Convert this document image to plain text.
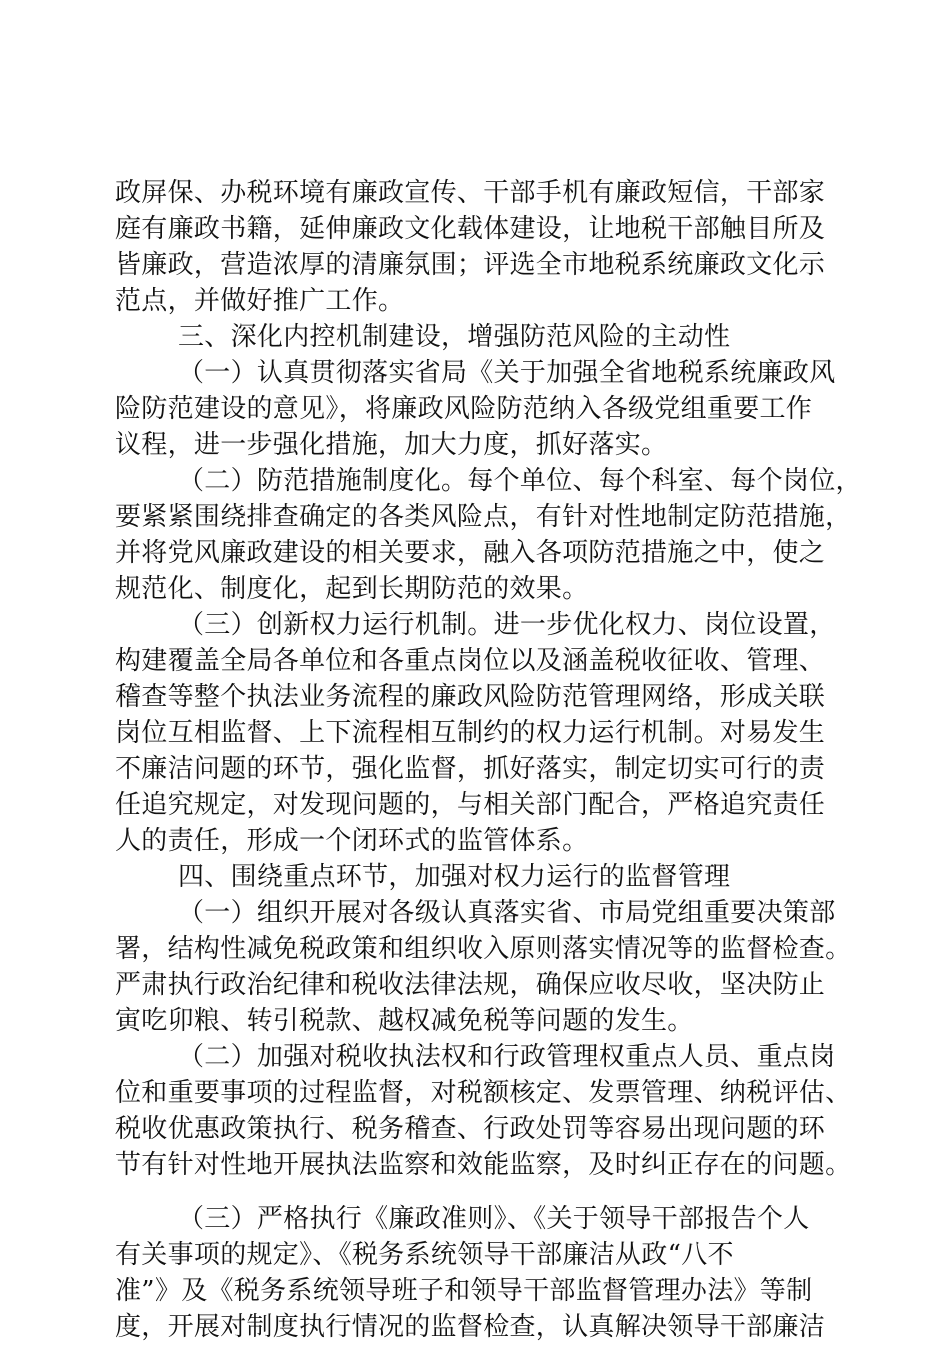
政屏保、办税环境有廉政宣传、干部手机有廉政短信，干部家
庭有廉政书籍，延伸廉政文化载体建设，让地税干部触目所及
皆廉政，营造浓厚的清廉氛围；评选全市地税系统廉政文化示
范点，并做好推广工作。
三、深化内控机制建设，增强防范风险的主动性
（一）认真贯彻落实省局《关于加强全省地税系统廉政风
险防范建设的意见》，将廉政风险防范纳入各级党组重要工作
议程，进一步强化措施，加大力度，抓好落实。
（二）防范措施制度化。每个单位、每个科室、每个岗位，
要紧紧围绕排查确定的各类风险点，有针对性地制定防范措施，
并将党风廉政建设的相关要求，融入各项防范措施之中，使之
规范化、制度化，起到长期防范的效果。
（三）创新权力运行机制。进一步优化权力、岗位设置，
构建覆盖全局各单位和各重点岗位以及涵盖税收征收、管理、
稽查等整个执法业务流程的廉政风险防范管理网络，形成关联
岗位互相监督、上下流程相互制约的权力运行机制。对易发生
不廉洁问题的环节，强化监督，抓好落实，制定切实可行的责
任追究规定，对发现问题的，与相关部门配合，严格追究责任
人的责任，形成一个闭环式的监管体系。
四、围绕重点环节，加强对权力运行的监督管理
（一）组织开展对各级认真落实省、市局党组重要决策部
署，结构性减免税政策和组织收入原则落实情况等的监督检查。
严肃执行政治纪律和税收法律法规，确保应收尽收，坚决防止
寅吃卯粮、转引税款、越权减免税等问题的发生。
（二）加强对税收执法权和行政管理权重点人员、重点岗
位和重要事项的过程监督，对税额核定、发票管理、纳税评估、
税收优惠政策执行、税务稽查、行政处罚等容易出现问题的环
节有针对性地开展执法监察和效能监察，及时纠正存在的问题。
（三）严格执行《廉政准则》、《关于领导干部报告个人
有关事项的规定》、《税务系统领导干部廉洁从政“八不
准”》及《税务系统领导班子和领导干部监督管理办法》等制
度，开展对制度执行情况的监督检查，认真解决领导干部廉洁
